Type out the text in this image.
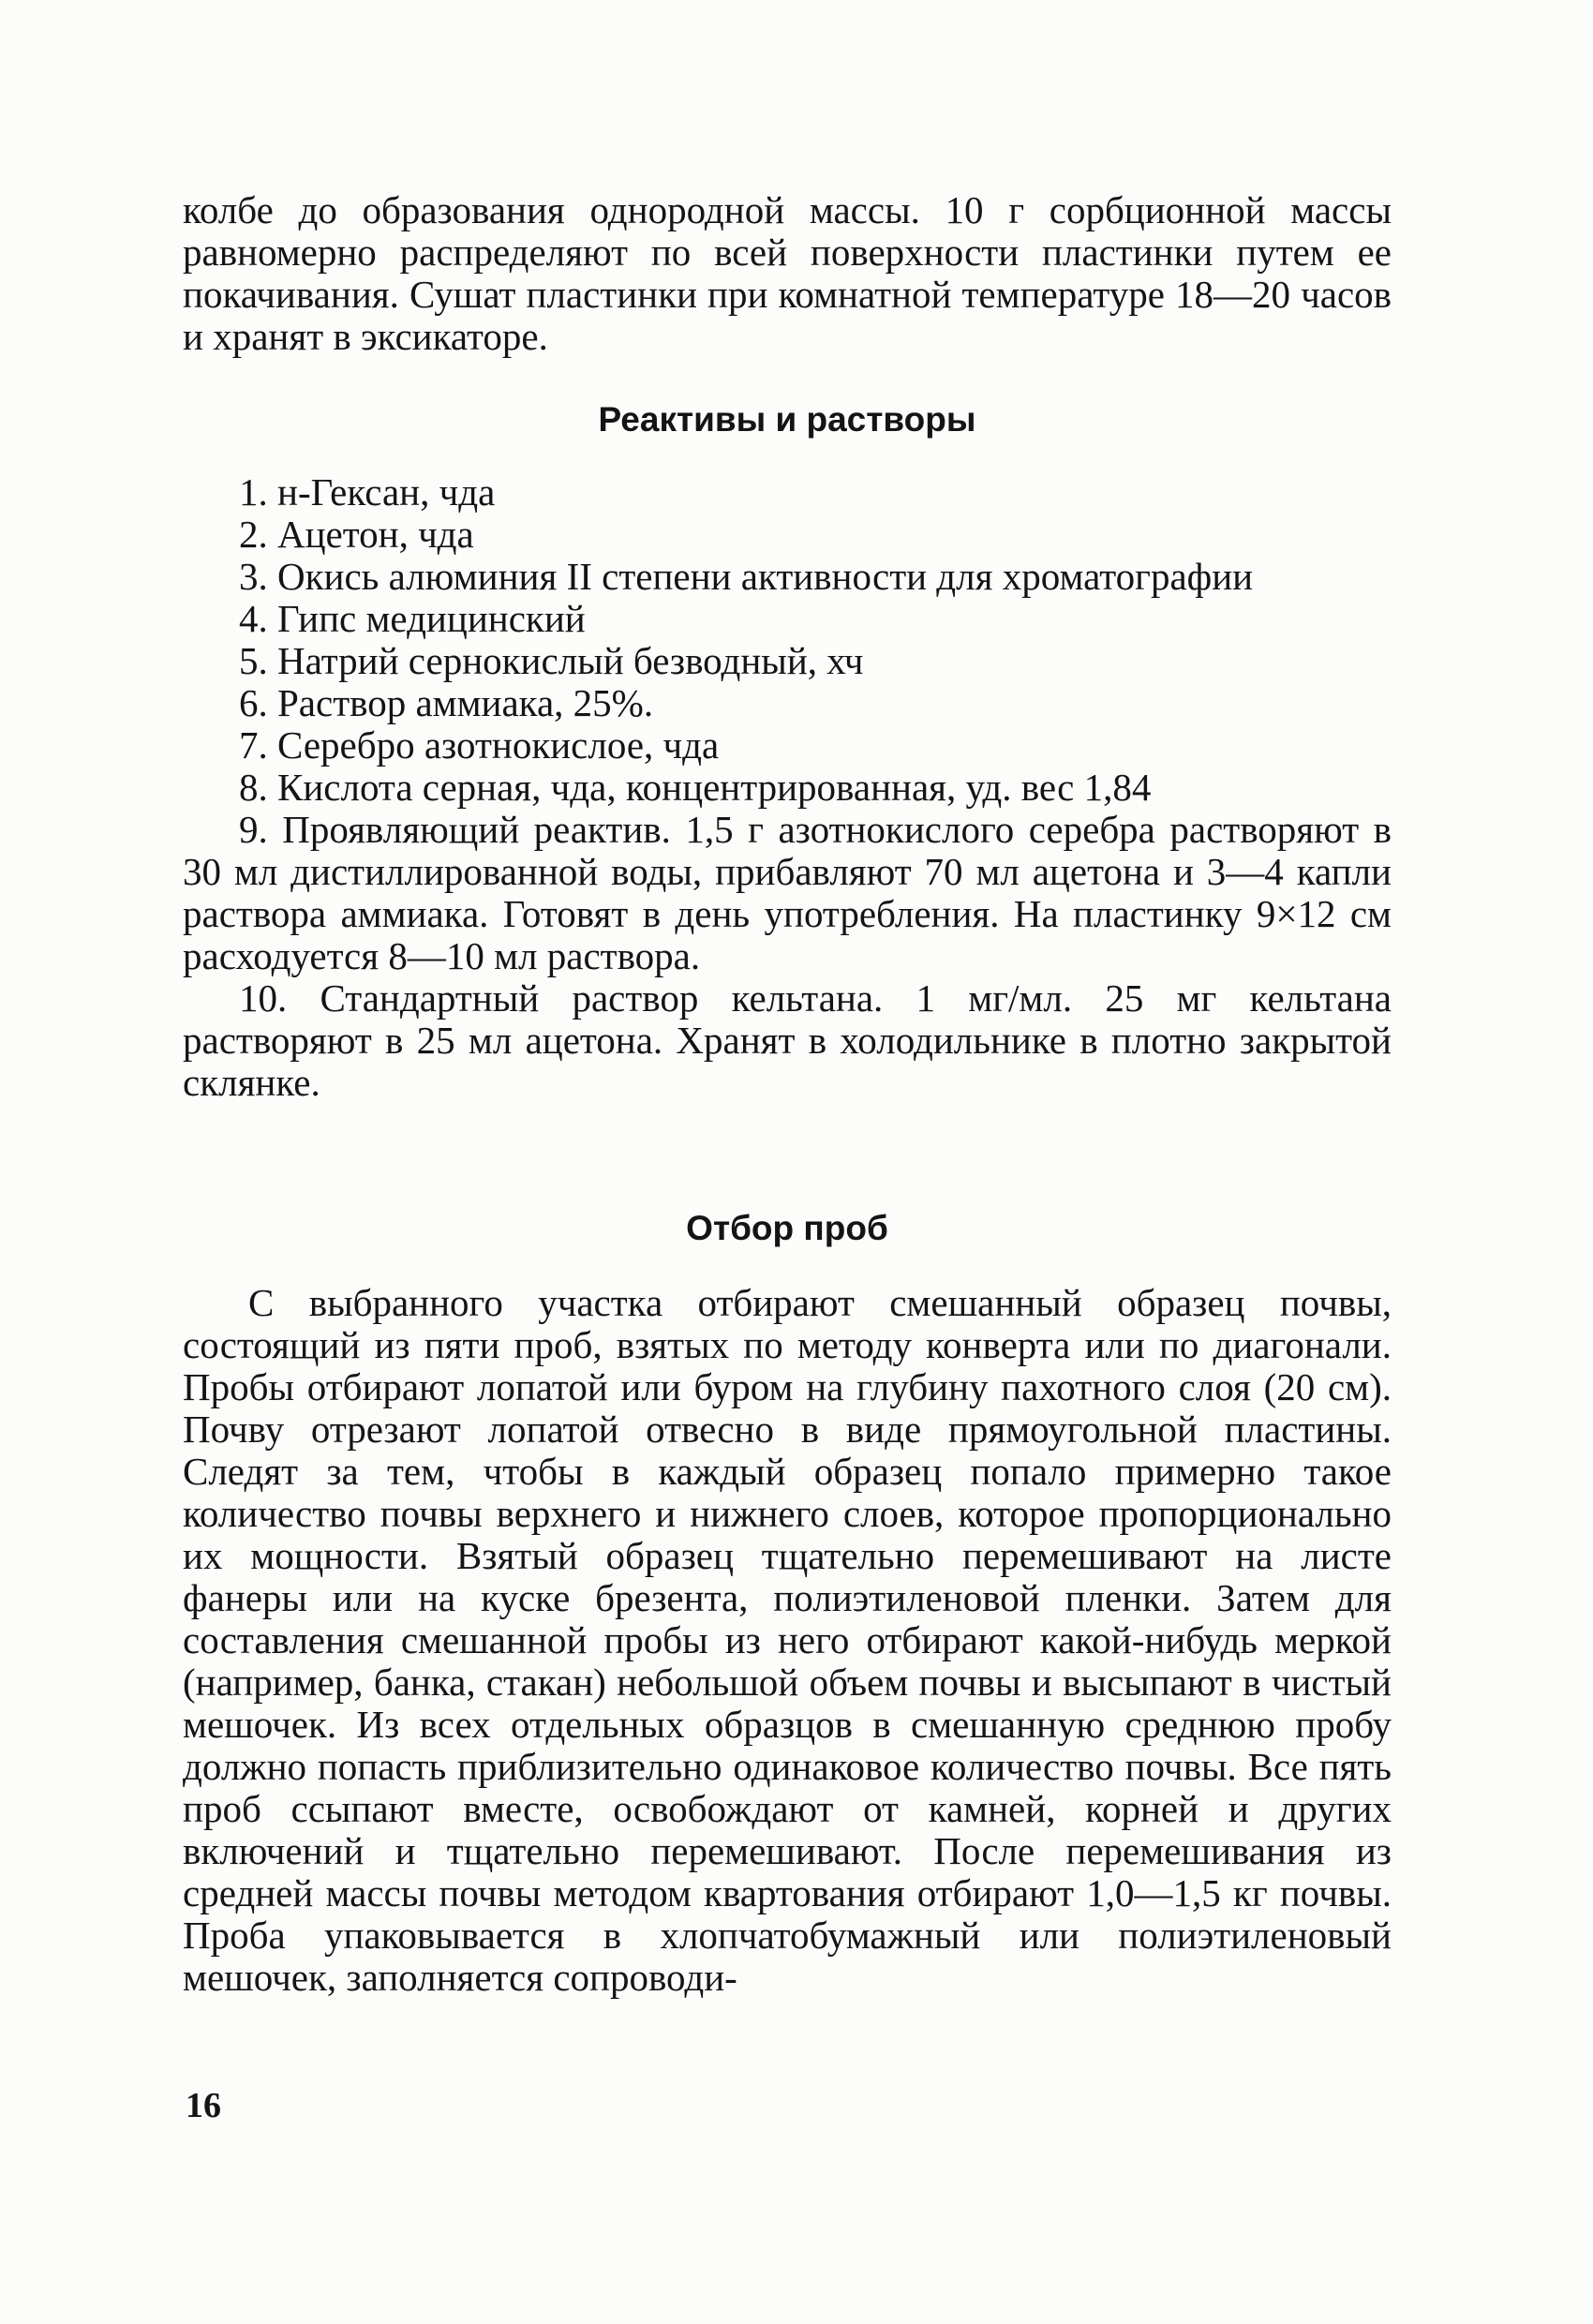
колбе до образования однородной массы. 10 г сорбционной массы равномерно распределяют по всей поверхности пластинки путем ее покачивания. Сушат пластинки при комнатной температуре 18—20 часов и хранят в эксикаторе.

Реактивы и растворы
1. н-Гексан, чда
2. Ацетон, чда
3. Окись алюминия II степени активности для хроматографии
4. Гипс медицинский
5. Натрий сернокислый безводный, хч
6. Раствор аммиака, 25%.
7. Серебро азотнокислое, чда
8. Кислота серная, чда, концентрированная, уд. вес 1,84
9. Проявляющий реактив. 1,5 г азотнокислого серебра растворяют в 30 мл дистиллированной воды, прибавляют 70 мл ацетона и 3—4 капли раствора аммиака. Готовят в день употребления. На пластинку 9×12 см расходуется 8—10 мл раствора.
10. Стандартный раствор кельтана. 1 мг/мл. 25 мг кельтана растворяют в 25 мл ацетона. Хранят в холодильнике в плотно закрытой склянке.
Отбор проб

С выбранного участка отбирают смешанный образец почвы, состоящий из пяти проб, взятых по методу конверта или по диагонали. Пробы отбирают лопатой или буром на глубину пахотного слоя (20 см). Почву отрезают лопатой отвесно в виде прямоугольной пластины. Следят за тем, чтобы в каждый образец попало примерно такое количество почвы верхнего и нижнего слоев, которое пропорционально их мощности. Взятый образец тщательно перемешивают на листе фанеры или на куске брезента, полиэтиленовой пленки. Затем для составления смешанной пробы из него отбирают какой-нибудь меркой (например, банка, стакан) небольшой объем почвы и высыпают в чистый мешочек. Из всех отдельных образцов в смешанную среднюю пробу должно попасть приблизительно одинаковое количество почвы. Все пять проб ссыпают вместе, освобождают от камней, корней и других включений и тщательно перемешивают. После перемешивания из средней массы почвы методом квартования отбирают 1,0—1,5 кг почвы. Проба упаковывается в хлопчатобумажный или полиэтиленовый мешочек, заполняется сопроводи-

16
